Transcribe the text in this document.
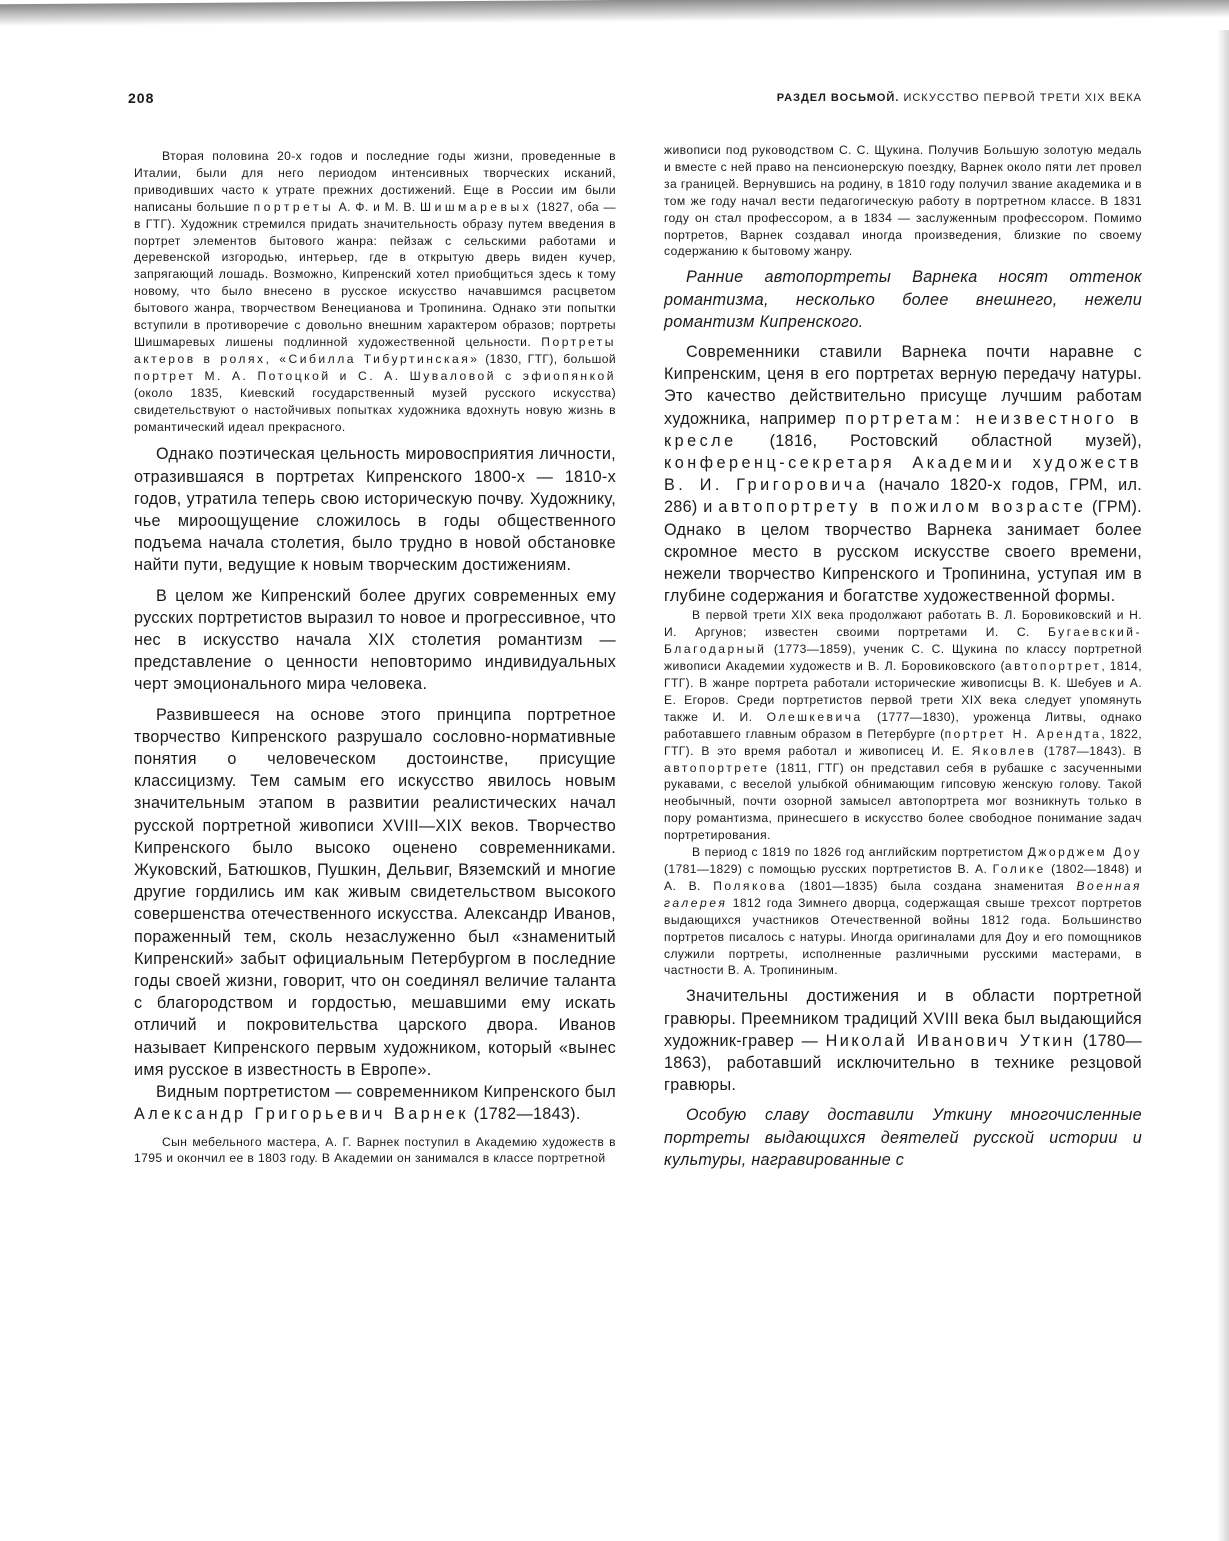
208	РАЗДЕЛ ВОСЬМОЙ. ИСКУССТВО ПЕРВОЙ ТРЕТИ XIX ВЕКА

Вторая половина 20-х годов и последние годы жизни, проведенные в Италии, были для него периодом интенсивных творческих исканий, приводивших часто к утрате прежних достижений. Еще в России им были написаны большие портреты А. Ф. и М. В. Шишмаревых (1827, оба — в ГТГ). Художник стремился придать значительность образу путем введения в портрет элементов бытового жанра: пейзаж с сельскими работами и деревенской изгородью, интерьер, где в открытую дверь виден кучер, запрягающий лошадь. Возможно, Кипренский хотел приобщиться здесь к тому новому, что было внесено в русское искусство начавшимся расцветом бытового жанра, творчеством Венецианова и Тропинина. Однако эти попытки вступили в противоречие с довольно внешним характером образов; портреты Шишмаревых лишены подлинной художественной цельности. Портреты актеров в ролях, «Сибилла Тибуртинская» (1830, ГТГ), большой портрет М. А. Потоцкой и С. А. Шуваловой с эфиопянкой (около 1835, Киевский государственный музей русского искусства) свидетельствуют о настойчивых попытках художника вдохнуть новую жизнь в романтический идеал прекрасного.

Однако поэтическая цельность мировосприятия личности, отразившаяся в портретах Кипренского 1800-х — 1810-х годов, утратила теперь свою историческую почву. Художнику, чье мироощущение сложилось в годы общественного подъема начала столетия, было трудно в новой обстановке найти пути, ведущие к новым творческим достижениям.

В целом же Кипренский более других современных ему русских портретистов выразил то новое и прогрессивное, что нес в искусство начала XIX столетия романтизм — представление о ценности неповторимо индивидуальных черт эмоционального мира человека.

Развившееся на основе этого принципа портретное творчество Кипренского разрушало сословно-нормативные понятия о человеческом достоинстве, присущие классицизму. Тем самым его искусство явилось новым значительным этапом в развитии реалистических начал русской портретной живописи XVIII—XIX веков. Творчество Кипренского было высоко оценено современниками. Жуковский, Батюшков, Пушкин, Дельвиг, Вяземский и многие другие гордились им как живым свидетельством высокого совершенства отечественного искусства. Александр Иванов, пораженный тем, сколь незаслуженно был «знаменитый Кипренский» забыт официальным Петербургом в последние годы своей жизни, говорит, что он соединял величие таланта с благородством и гордостью, мешавшими ему искать отличий и покровительства царского двора. Иванов называет Кипренского первым художником, который «вынес имя русское в известность в Европе».

Видным портретистом — современником Кипренского был Александр Григорьевич Варнек (1782—1843).

Сын мебельного мастера, А. Г. Варнек поступил в Академию художеств в 1795 и окончил ее в 1803 году. В Академии он занимался в классе портретной

живописи под руководством С. С. Щукина. Получив Большую золотую медаль и вместе с ней право на пенсионерскую поездку, Варнек около пяти лет провел за границей. Вернувшись на родину, в 1810 году получил звание академика и в том же году начал вести педагогическую работу в портретном классе. В 1831 году он стал профессором, а в 1834 — заслуженным профессором. Помимо портретов, Варнек создавал иногда произведения, близкие по своему содержанию к бытовому жанру.

Ранние автопортреты Варнека носят оттенок романтизма, несколько более внешнего, нежели романтизм Кипренского.

Современники ставили Варнека почти наравне с Кипренским, ценя в его портретах верную передачу натуры. Это качество действительно присуще лучшим работам художника, например портретам: неизвестного в кресле (1816, Ростовский областной музей), конференц-секретаря Академии художеств В. И. Григоровича (начало 1820-х годов, ГРМ, ил. 286) и автопортрету в пожилом возрасте (ГРМ). Однако в целом творчество Варнека занимает более скромное место в русском искусстве своего времени, нежели творчество Кипренского и Тропинина, уступая им в глубине содержания и богатстве художественной формы.

В первой трети XIX века продолжают работать В. Л. Боровиковский и Н. И. Аргунов; известен своими портретами И. С. Бугаевский-Благодарный (1773—1859), ученик С. С. Щукина по классу портретной живописи Академии художеств и В. Л. Боровиковского (автопортрет, 1814, ГТГ). В жанре портрета работали исторические живописцы В. К. Шебуев и А. Е. Егоров. Среди портретистов первой трети XIX века следует упомянуть также И. И. Олешкевича (1777—1830), уроженца Литвы, однако работавшего главным образом в Петербурге (портрет Н. Арендта, 1822, ГТГ). В это время работал и живописец И. Е. Яковлев (1787—1843). В автопортрете (1811, ГТГ) он представил себя в рубашке с засученными рукавами, с веселой улыбкой обнимающим гипсовую женскую голову. Такой необычный, почти озорной замысел автопортрета мог возникнуть только в пору романтизма, принесшего в искусство более свободное понимание задач портретирования.

В период с 1819 по 1826 год английским портретистом Джорджем Доу (1781—1829) с помощью русских портретистов В. А. Голике (1802—1848) и А. В. Полякова (1801—1835) была создана знаменитая Военная галерея 1812 года Зимнего дворца, содержащая свыше трехсот портретов выдающихся участников Отечественной войны 1812 года. Большинство портретов писалось с натуры. Иногда оригиналами для Доу и его помощников служили портреты, исполненные различными русскими мастерами, в частности В. А. Тропининым.

Значительны достижения и в области портретной гравюры. Преемником традиций XVIII века был выдающийся художник-гравер — Николай Иванович Уткин (1780—1863), работавший исключительно в технике резцовой гравюры.

Особую славу доставили Уткину многочисленные портреты выдающихся деятелей русской истории и культуры, награвированные с
